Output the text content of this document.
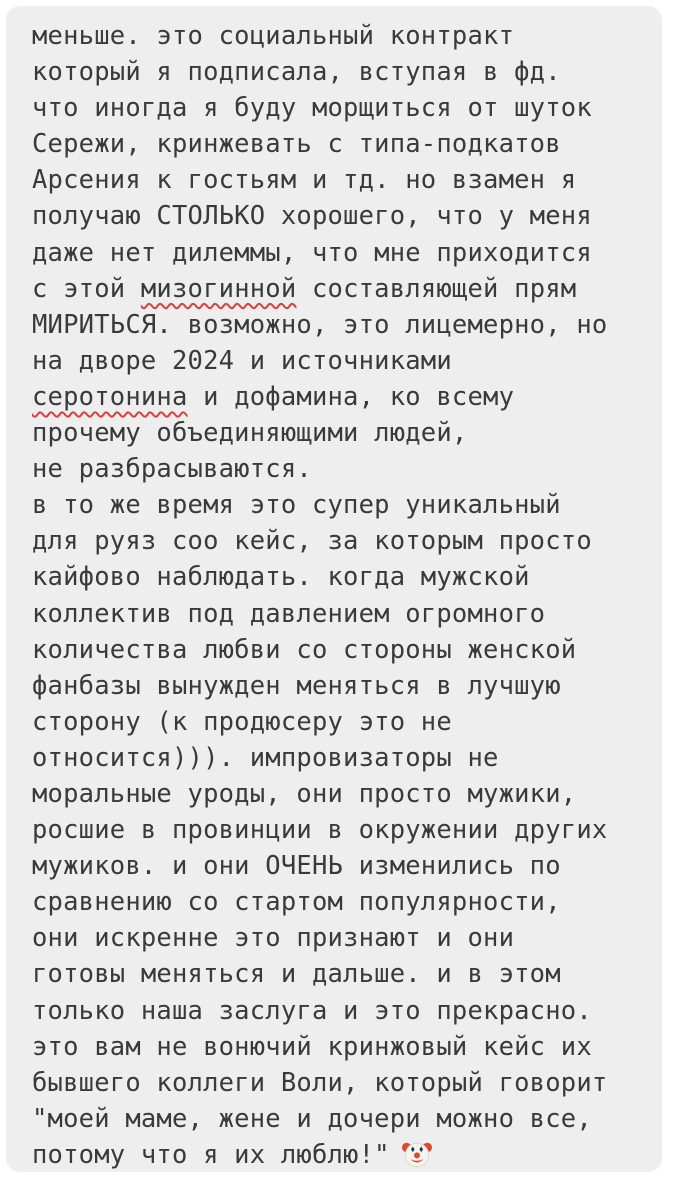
меньше. это социальный контракт
который я подписала, вступая в фд.
что иногда я буду морщиться от шуток
Сережи, кринжевать с типа-подкатов
Арсения к гостьям и тд. но взамен я
получаю СТОЛЬКО хорошего, что у меня
даже нет дилеммы, что мне приходится
с этой мизогинной составляющей прям
МИРИТЬСЯ. возможно, это лицемерно, но
на дворе 2024 и источниками
серотонина и дофамина, ко всему
прочему объединяющими людей,
не разбрасываются.
в то же время это супер уникальный
для руяз соо кейс, за которым просто
кайфово наблюдать. когда мужской
коллектив под давлением огромного
количества любви со стороны женской
фанбазы вынужден меняться в лучшую
сторону (к продюсеру это не
относится))). импровизаторы не
моральные уроды, они просто мужики,
росшие в провинции в окружении других
мужиков. и они ОЧЕНЬ изменились по
сравнению со стартом популярности,
они искренне это признают и они
готовы меняться и дальше. и в этом
только наша заслуга и это прекрасно.
это вам не вонючий кринжовый кейс их
бывшего коллеги Воли, который говорит
"моей маме, жене и дочери можно все,
потому что я их люблю!"
